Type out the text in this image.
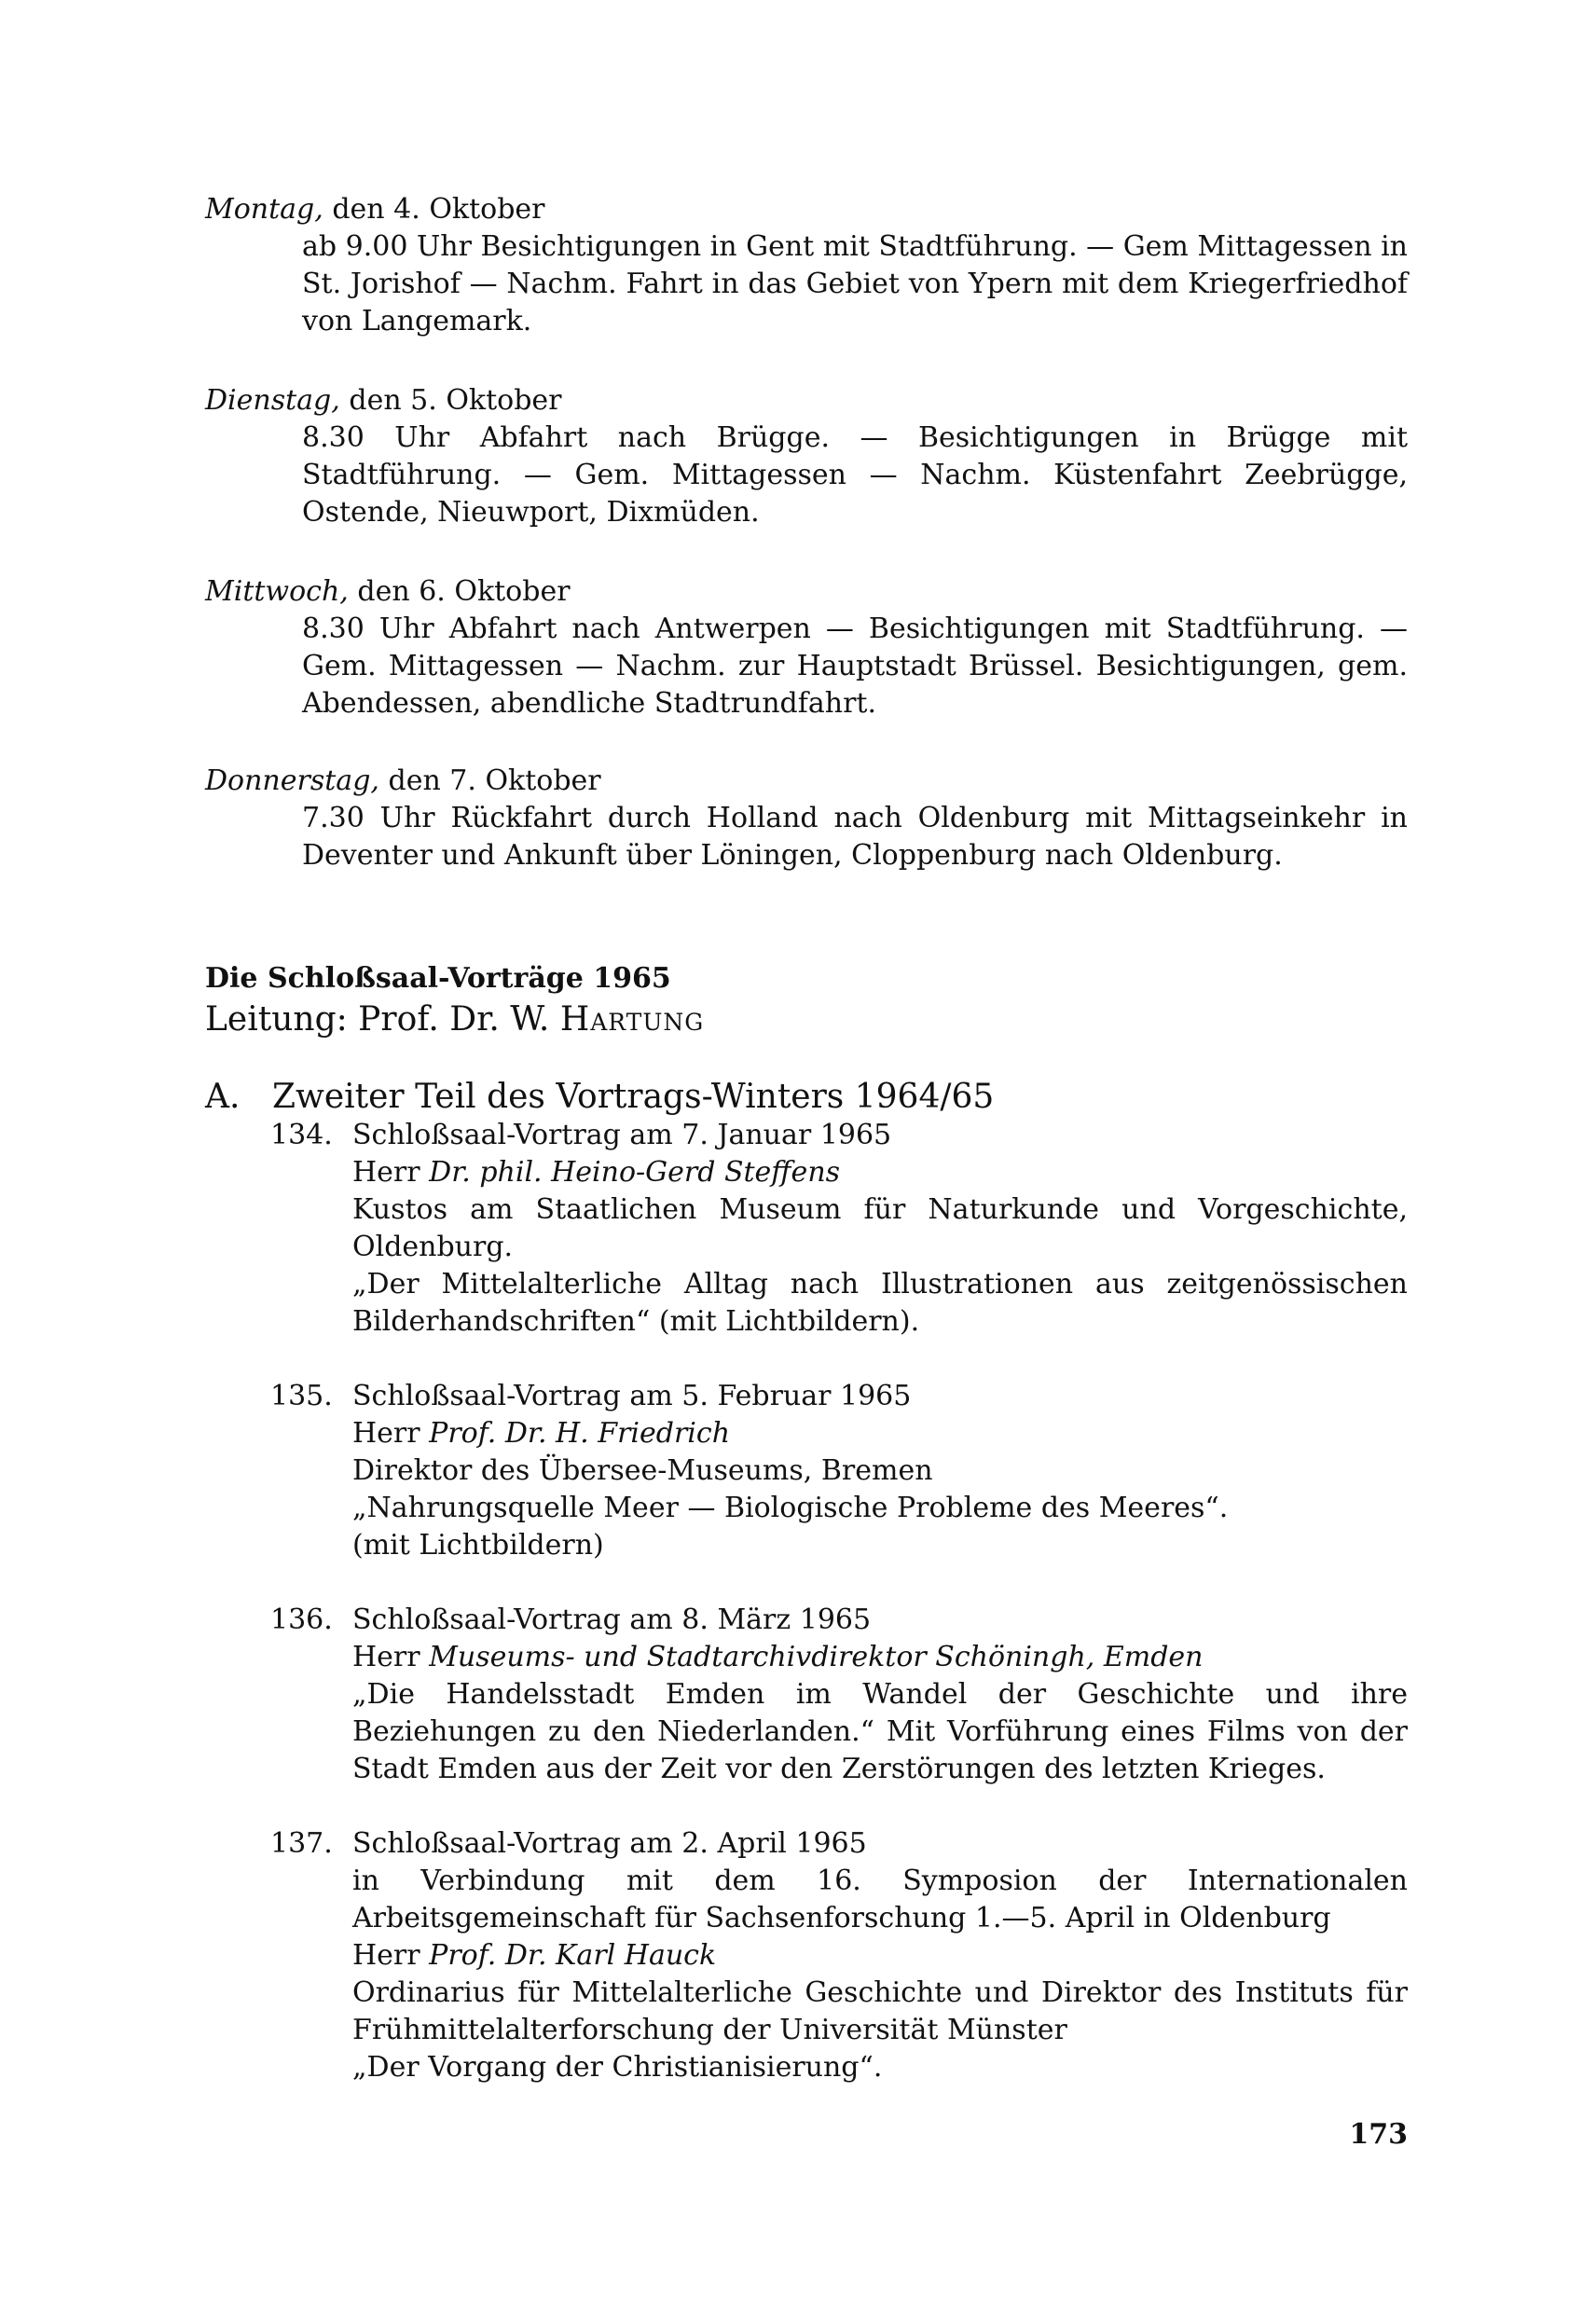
Montag, den 4. Oktober
ab 9.00 Uhr Besichtigungen in Gent mit Stadtführung. — Gem Mittagessen in St. Jorishof — Nachm. Fahrt in das Gebiet von Ypern mit dem Kriegerfriedhof von Langemark.
Dienstag, den 5. Oktober
8.30 Uhr Abfahrt nach Brügge. — Besichtigungen in Brügge mit Stadtführung. — Gem. Mittagessen — Nachm. Küstenfahrt Zeebrügge, Ostende, Nieuwport, Dixmüden.
Mittwoch, den 6. Oktober
8.30 Uhr Abfahrt nach Antwerpen — Besichtigungen mit Stadtführung. — Gem. Mittagessen — Nachm. zur Hauptstadt Brüssel. Besichtigungen, gem. Abendessen, abendliche Stadtrundfahrt.
Donnerstag, den 7. Oktober
7.30 Uhr Rückfahrt durch Holland nach Oldenburg mit Mittagseinkehr in Deventer und Ankunft über Löningen, Cloppenburg nach Oldenburg.
Die Schloßsaal-Vorträge 1965
Leitung: Prof. Dr. W. Hartung
A. Zweiter Teil des Vortrags-Winters 1964/65
134. Schloßsaal-Vortrag am 7. Januar 1965
Herr Dr. phil. Heino-Gerd Steffens
Kustos am Staatlichen Museum für Naturkunde und Vorgeschichte, Oldenburg.
„Der Mittelalterliche Alltag nach Illustrationen aus zeitgenössischen Bilderhandschriften“ (mit Lichtbildern).
135. Schloßsaal-Vortrag am 5. Februar 1965
Herr Prof. Dr. H. Friedrich
Direktor des Übersee-Museums, Bremen
„Nahrungsquelle Meer — Biologische Probleme des Meeres“.
(mit Lichtbildern)
136. Schloßsaal-Vortrag am 8. März 1965
Herr Museums- und Stadtarchivdirektor Schöningh, Emden
„Die Handelsstadt Emden im Wandel der Geschichte und ihre Beziehungen zu den Niederlanden.“ Mit Vorführung eines Films von der Stadt Emden aus der Zeit vor den Zerstörungen des letzten Krieges.
137. Schloßsaal-Vortrag am 2. April 1965
in Verbindung mit dem 16. Symposion der Internationalen Arbeitsgemeinschaft für Sachsenforschung 1.—5. April in Oldenburg
Herr Prof. Dr. Karl Hauck
Ordinarius für Mittelalterliche Geschichte und Direktor des Instituts für Frühmittelalterforschung der Universität Münster
„Der Vorgang der Christianisierung“.
173
